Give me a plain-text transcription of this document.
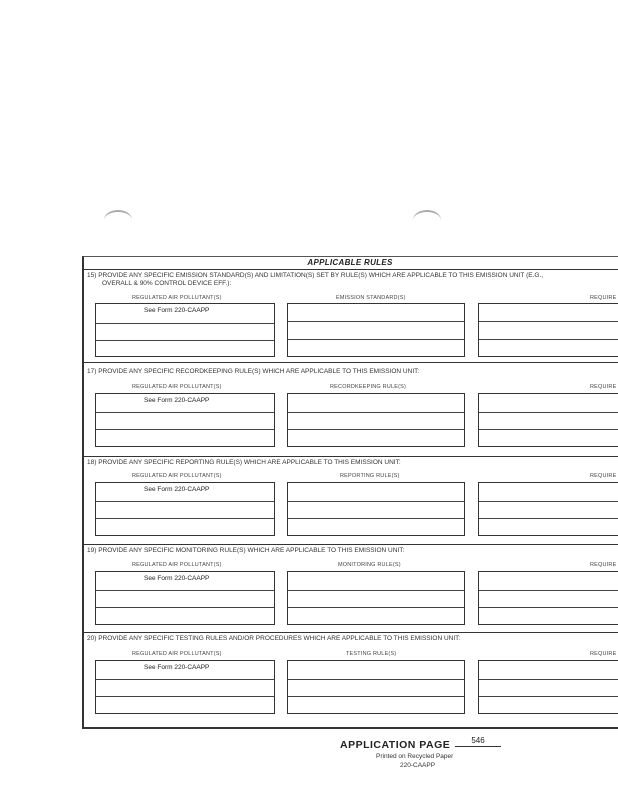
APPLICABLE RULES
15) PROVIDE ANY SPECIFIC EMISSION STANDARD(S) AND LIMITATION(S) SET BY RULE(S) WHICH ARE APPLICABLE TO THIS EMISSION UNIT (E.G.,
OVERALL & 90% CONTROL DEVICE EFF.):
REGULATED AIR POLLUTANT(S)	EMISSION STANDARD(S)	REQUIRE
See Form 220-CAAPP
17) PROVIDE ANY SPECIFIC RECORDKEEPING RULE(S) WHICH ARE APPLICABLE TO THIS EMISSION UNIT:
REGULATED AIR POLLUTANT(S)	RECORDKEEPING RULE(S)	REQUIRE
See Form 220-CAAPP
18) PROVIDE ANY SPECIFIC REPORTING RULE(S) WHICH ARE APPLICABLE TO THIS EMISSION UNIT:
REGULATED AIR POLLUTANT(S)	REPORTING RULE(S)	REQUIRE
See Form 220-CAAPP
19) PROVIDE ANY SPECIFIC MONITORING RULE(S) WHICH ARE APPLICABLE TO THIS EMISSION UNIT:
REGULATED AIR POLLUTANT(S)	MONITORING RULE(S)	REQUIRE
See Form 220-CAAPP
20) PROVIDE ANY SPECIFIC TESTING RULES AND/OR PROCEDURES WHICH ARE APPLICABLE TO THIS EMISSION UNIT:
REGULATED AIR POLLUTANT(S)	TESTING RULE(S)	REQUIRE
See Form 220-CAAPP
APPLICATION PAGE	546
Printed on Recycled Paper
220-CAAPP
